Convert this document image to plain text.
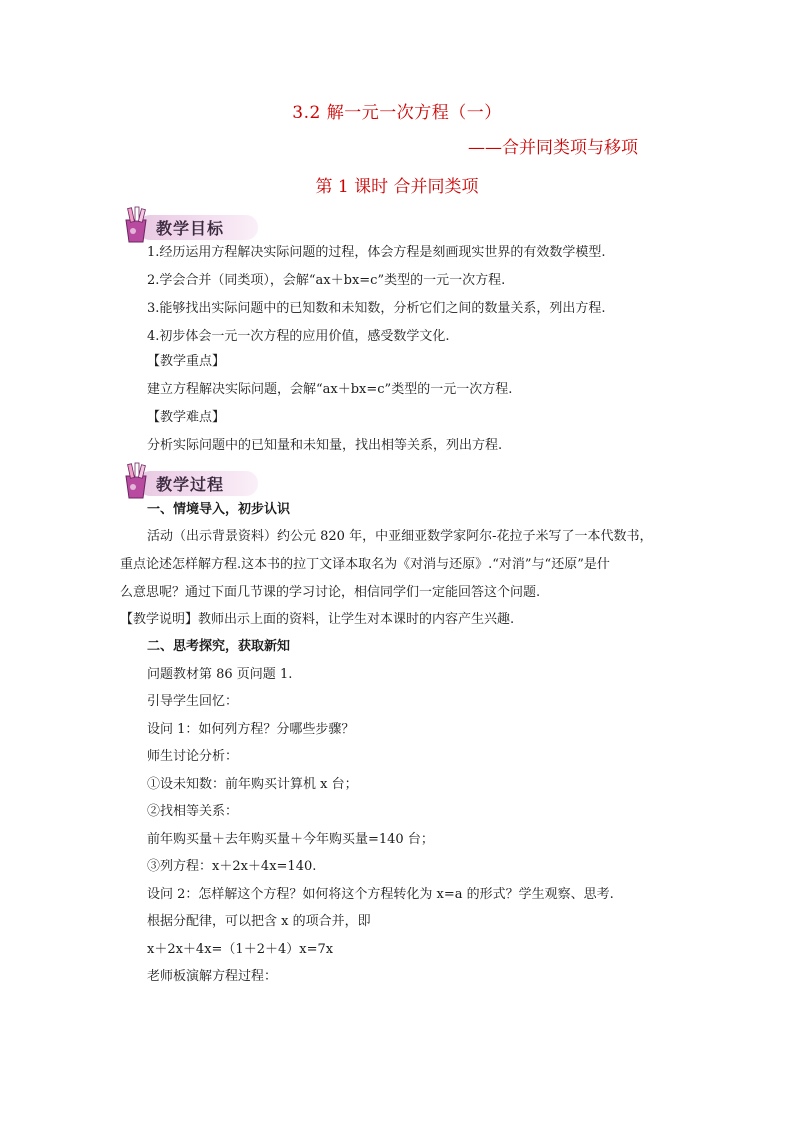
3.2 解一元一次方程（一）
——合并同类项与移项
第 1 课时 合并同类项
教学目标
1.经历运用方程解决实际问题的过程，体会方程是刻画现实世界的有效数学模型.
2.学会合并（同类项），会解“ax＋bx=c”类型的一元一次方程.
3.能够找出实际问题中的已知数和未知数，分析它们之间的数量关系，列出方程.
4.初步体会一元一次方程的应用价值，感受数学文化.
【教学重点】
建立方程解决实际问题，会解“ax＋bx=c”类型的一元一次方程.
【教学难点】
分析实际问题中的已知量和未知量，找出相等关系，列出方程.
教学过程
一、情境导入，初步认识
活动（出示背景资料）约公元 820 年，中亚细亚数学家阿尔-花拉子米写了一本代数书，
重点论述怎样解方程.这本书的拉丁文译本取名为《对消与还原》.“对消”与“还原”是什
么意思呢？通过下面几节课的学习讨论，相信同学们一定能回答这个问题.
【教学说明】教师出示上面的资料，让学生对本课时的内容产生兴趣.
二、思考探究，获取新知
问题教材第 86 页问题 1.
引导学生回忆：
设问 1：如何列方程？分哪些步骤？
师生讨论分析：
①设未知数：前年购买计算机 x 台；
②找相等关系：
前年购买量＋去年购买量＋今年购买量=140 台；
③列方程：x＋2x＋4x=140.
设问 2：怎样解这个方程？如何将这个方程转化为 x=a 的形式？学生观察、思考.
根据分配律，可以把含 x 的项合并，即
x＋2x＋4x=（1＋2＋4）x=7x
老师板演解方程过程：
